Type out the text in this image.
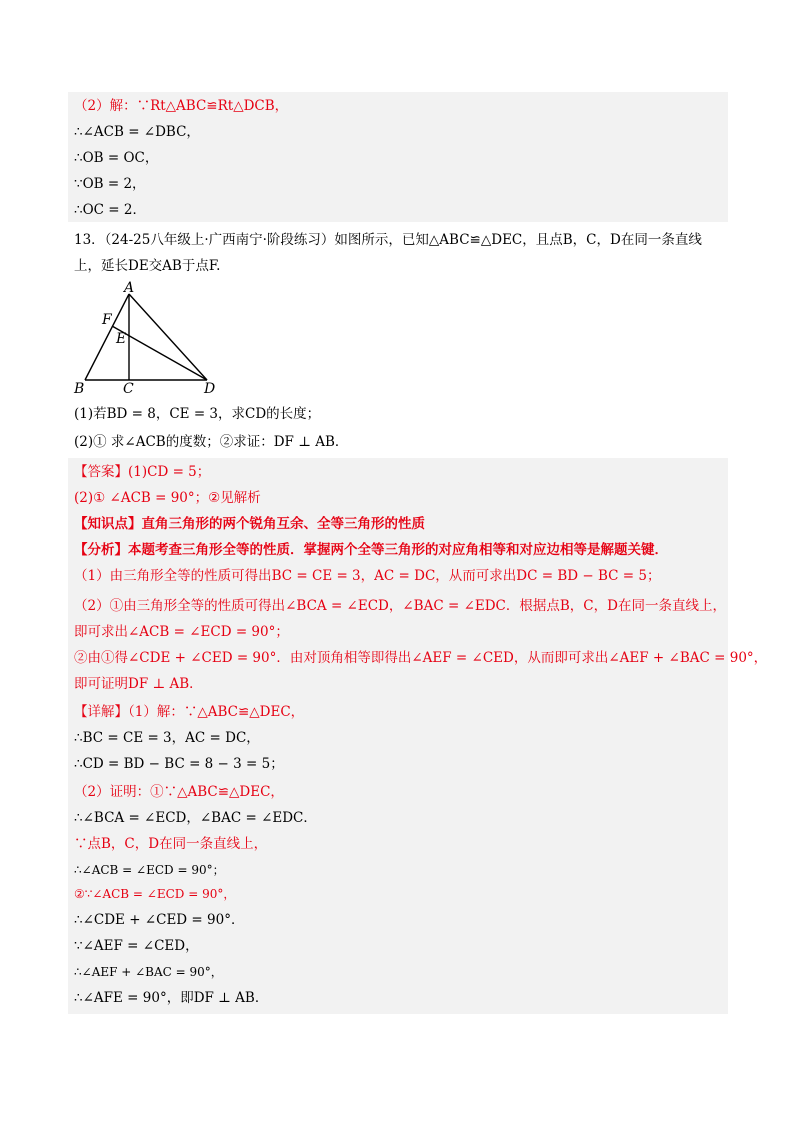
（2）解：∵Rt△ABC≌Rt△DCB，
∴∠ACB = ∠DBC，
∴OB = OC，
∵OB = 2，
∴OC = 2．
13．（24-25八年级上·广西南宁·阶段练习）如图所示，已知△ABC≌△DEC，且点B，C，D在同一条直线
上，延长DE交AB于点F.
A
F
E
B	C	D
(1)若BD = 8，CE = 3，求CD的长度；
(2)① 求∠ACB的度数；②求证：DF ⊥ AB．
【答案】(1)CD = 5；
(2)① ∠ACB = 90°；②见解析
【知识点】直角三角形的两个锐角互余、全等三角形的性质
【分析】本题考查三角形全等的性质．掌握两个全等三角形的对应角相等和对应边相等是解题关键．
（1）由三角形全等的性质可得出BC = CE = 3，AC = DC，从而可求出DC = BD − BC = 5；
（2）①由三角形全等的性质可得出∠BCA = ∠ECD，∠BAC = ∠EDC．根据点B，C，D在同一条直线上，
即可求出∠ACB = ∠ECD = 90°；
②由①得∠CDE + ∠CED = 90°．由对顶角相等即得出∠AEF = ∠CED，从而即可求出∠AEF + ∠BAC = 90°，
即可证明DF ⊥ AB．
【详解】（1）解：∵△ABC≌△DEC，
∴BC = CE = 3，AC = DC，
∴CD = BD − BC = 8 − 3 = 5；
（2）证明：①∵△ABC≌△DEC，
∴∠BCA = ∠ECD，∠BAC = ∠EDC．
∵点B，C，D在同一条直线上，
∴∠ACB = ∠ECD = 90°；
②∵∠ACB = ∠ECD = 90°，
∴∠CDE + ∠CED = 90°．
∵∠AEF = ∠CED，
∴∠AEF + ∠BAC = 90°，
∴∠AFE = 90°，即DF ⊥ AB．
